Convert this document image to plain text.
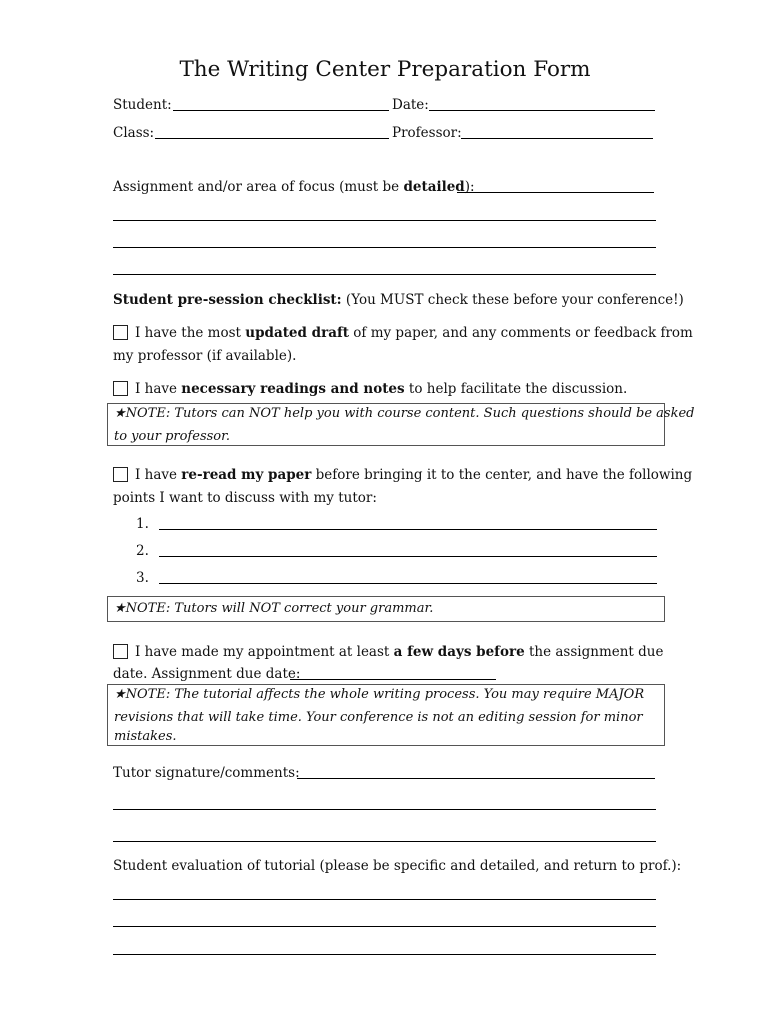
The Writing Center Preparation Form
Student:	Date:
Class:	Professor:
Assignment and/or area of focus (must be detailed):
Student pre-session checklist: (You MUST check these before your conference!)
I have the most updated draft of my paper, and any comments or feedback from
my professor (if available).
I have necessary readings and notes to help facilitate the discussion.
★NOTE: Tutors can NOT help you with course content. Such questions should be asked
to your professor.
I have re-read my paper before bringing it to the center, and have the following
points I want to discuss with my tutor:
1.
2.
3.
★NOTE: Tutors will NOT correct your grammar.
I have made my appointment at least a few days before the assignment due
date. Assignment due date:
★NOTE: The tutorial affects the whole writing process. You may require MAJOR
revisions that will take time. Your conference is not an editing session for minor
mistakes.
Tutor signature/comments:
Student evaluation of tutorial (please be specific and detailed, and return to prof.):
